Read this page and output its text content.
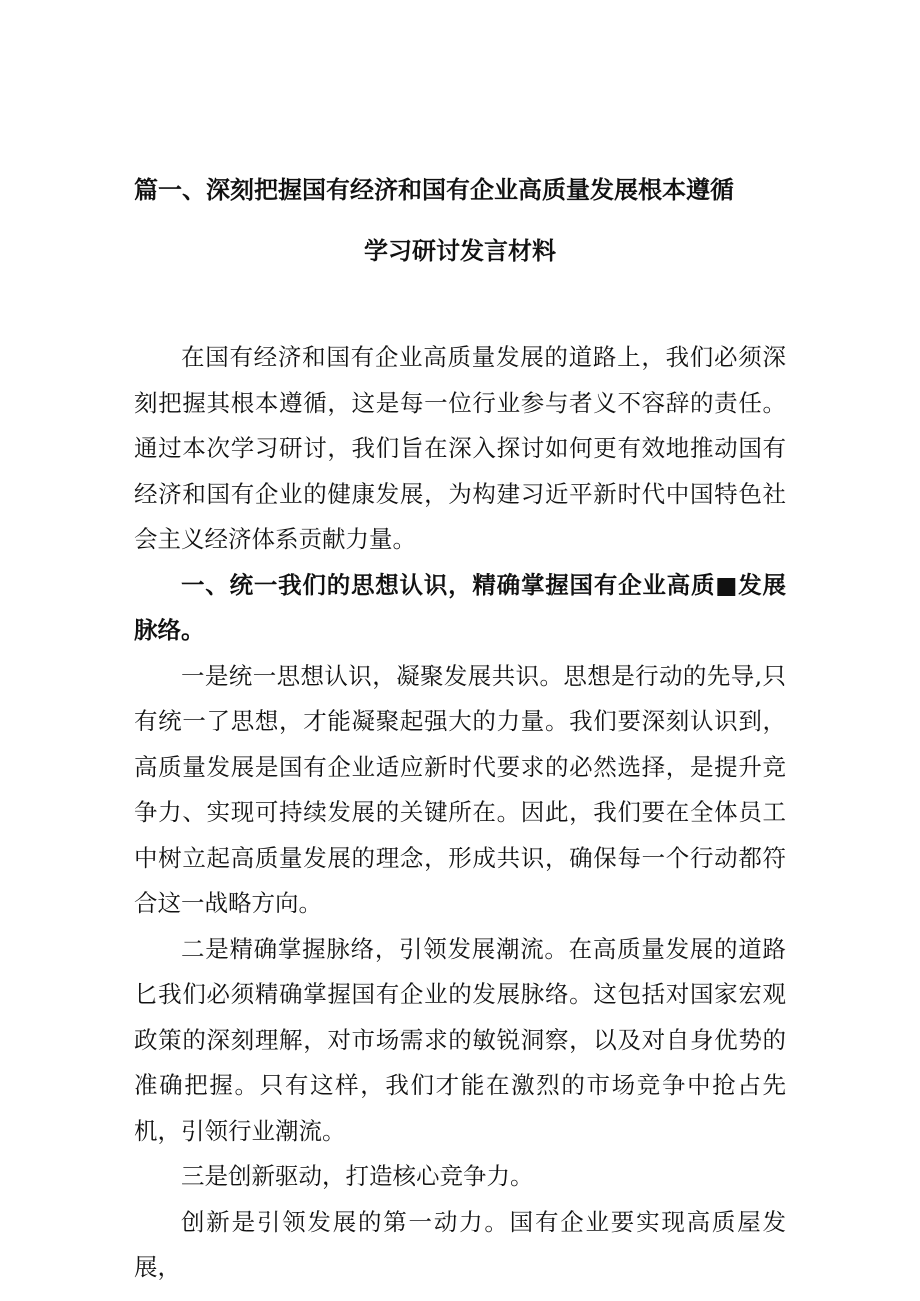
篇一、深刻把握国有经济和国有企业高质量发展根本遵循
学习研讨发言材料

在国有经济和国有企业高质量发展的道路上，我们必须深刻把握其根本遵循，这是每一位行业参与者义不容辞的责任。通过本次学习研讨，我们旨在深入探讨如何更有效地推动国有经济和国有企业的健康发展，为构建习近平新时代中国特色社会主义经济体系贡献力量。

一、统一我们的思想认识，精确掌握国有企业高质■发展脉络。

一是统一思想认识，凝聚发展共识。思想是行动的先导,只有统一了思想，才能凝聚起强大的力量。我们要深刻认识到，高质量发展是国有企业适应新时代要求的必然选择，是提升竞争力、实现可持续发展的关键所在。因此，我们要在全体员工中树立起高质量发展的理念，形成共识，确保每一个行动都符合这一战略方向。

二是精确掌握脉络，引领发展潮流。在高质量发展的道路匕我们必须精确掌握国有企业的发展脉络。这包括对国家宏观政策的深刻理解，对市场需求的敏锐洞察，以及对自身优势的准确把握。只有这样，我们才能在激烈的市场竞争中抢占先机，引领行业潮流。

三是创新驱动，打造核心竞争力。

创新是引领发展的第一动力。国有企业要实现高质屋发展，
